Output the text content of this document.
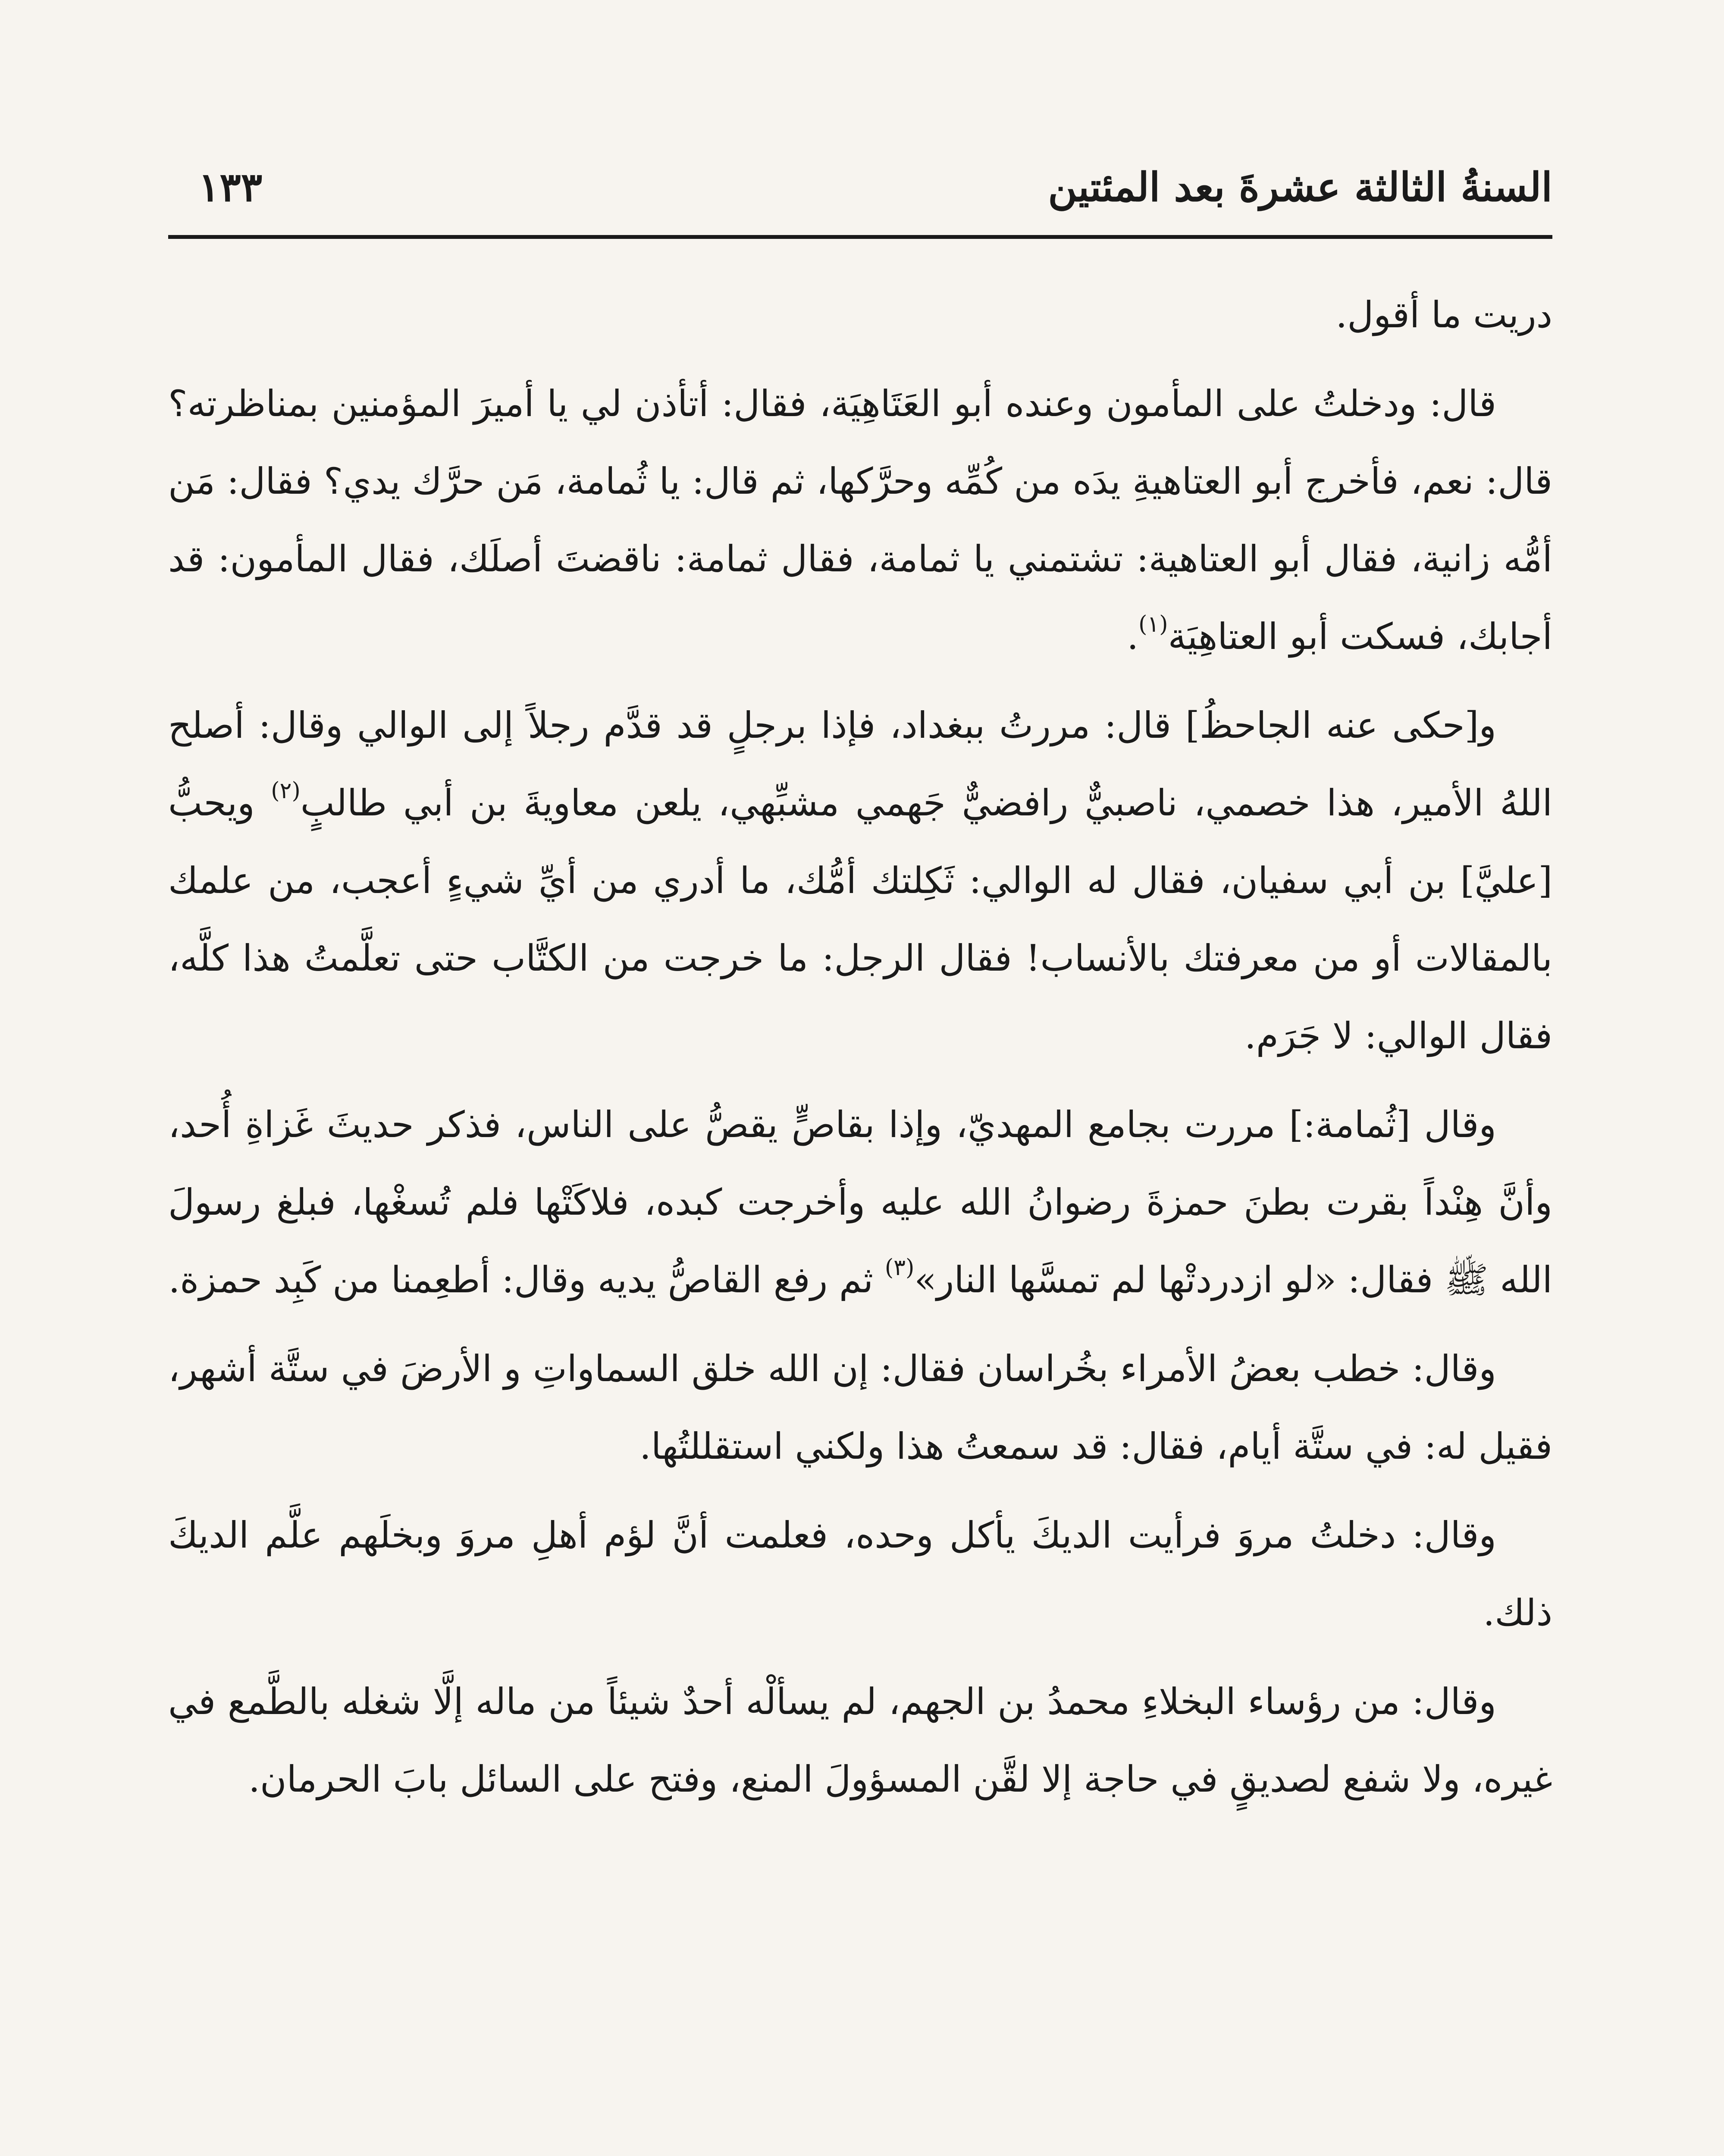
السنةُ الثالثة عشرةَ بعد المئتين
١٣٣

دريت ما أقول.

قال: ودخلتُ على المأمون وعنده أبو العَتَاهِيَة، فقال: أتأذن لي يا أميرَ المؤمنين بمناظرته؟ قال: نعم، فأخرج أبو العتاهيةِ يدَه من كُمِّه وحرَّكها، ثم قال: يا ثُمامة، مَن حرَّك يدي؟ فقال: مَن أمُّه زانية، فقال أبو العتاهية: تشتمني يا ثمامة، فقال ثمامة: ناقضتَ أصلَك، فقال المأمون: قد أجابك، فسكت أبو العتاهِيَة$^{(١)}$.

و[حكى عنه الجاحظُ] قال: مررتُ ببغداد، فإذا برجلٍ قد قدَّم رجلاً إلى الوالي وقال: أصلح اللهُ الأمير، هذا خصمي، ناصبيٌّ رافضيٌّ جَهمي مشبِّهي، يلعن معاويةَ بن أبي طالبٍ$^{(٢)}$ ويحبُّ [عليَّ] بن أبي سفيان، فقال له الوالي: ثَكِلتك أمُّك، ما أدري من أيِّ شيءٍ أعجب، من علمك بالمقالات أو من معرفتك بالأنساب! فقال الرجل: ما خرجت من الكتَّاب حتى تعلَّمتُ هذا كلَّه، فقال الوالي: لا جَرَم.

وقال [ثُمامة:] مررت بجامع المهديّ، وإذا بقاصٍّ يقصُّ على الناس، فذكر حديثَ غَزاةِ أُحد، وأنَّ هِنْداً بقرت بطنَ حمزةَ رضوانُ الله عليه وأخرجت كبده، فلاكَتْها فلم تُسغْها، فبلغ رسولَ الله ﷺ فقال: «لو ازدردتْها لم تمسَّها النار»$^{(٣)}$ ثم رفع القاصُّ يديه وقال: أطعِمنا من كَبِد حمزة.

وقال: خطب بعضُ الأمراء بخُراسان فقال: إن الله خلق السماواتِ و الأرضَ في ستَّة أشهر، فقيل له: في ستَّة أيام، فقال: قد سمعتُ هذا ولكني استقللتُها.

وقال: دخلتُ مروَ فرأيت الديكَ يأكل وحده، فعلمت أنَّ لؤم أهلِ مروَ وبخلَهم علَّم الديكَ ذلك.

وقال: من رؤساء البخلاءِ محمدُ بن الجهم، لم يسألْه أحدٌ شيئاً من ماله إلَّا شغله بالطَّمع في غيره، ولا شفع لصديقٍ في حاجة إلا لقَّن المسؤولَ المنع، وفتح على السائل بابَ الحرمان.
